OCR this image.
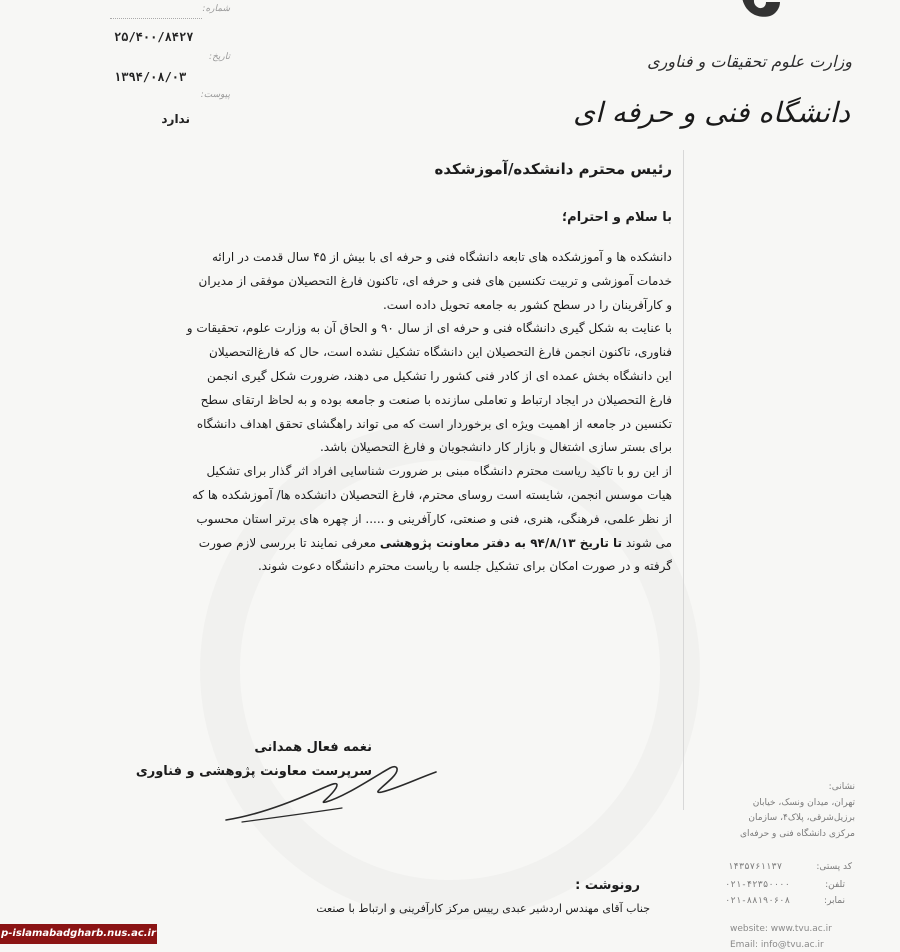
شماره:
۲۵/۴۰۰/۸۴۲۷
تاریخ:
۱۳۹۴/۰۸/۰۳
پیوست:
ندارد
وزارت علوم تحقیقات و فناوری
دانشگاه فنی و حرفه ای
رئیس محترم دانشکده/آموزشکده
با سلام و احترام؛
دانشکده ها و آموزشکده های تابعه دانشگاه فنی و حرفه ای با بیش از ۴۵ سال قدمت در ارائه
خدمات آموزشی و تربیت تکنسین های فنی و حرفه ای، تاکنون فارغ التحصیلان موفقی از مدیران
و کارآفرینان را در سطح کشور به جامعه تحویل داده است.
با عنایت به شکل گیری دانشگاه فنی و حرفه ای از سال ۹۰ و الحاق آن به وزارت علوم، تحقیقات و
فناوری، تاکنون انجمن فارغ التحصیلان این دانشگاه تشکیل نشده است، حال که فارغ‌التحصیلان
این دانشگاه بخش عمده ای از کادر فنی کشور را تشکیل می دهند، ضرورت شکل گیری انجمن
فارغ التحصیلان در ایجاد ارتباط و تعاملی سازنده با صنعت و جامعه بوده و به لحاظ ارتقای سطح
تکنسین در جامعه از اهمیت ویژه ای برخوردار است که می تواند راهگشای تحقق اهداف دانشگاه
برای بستر سازی اشتغال و بازار کار دانشجویان و فارغ التحصیلان باشد.
از این رو با تاکید ریاست محترم دانشگاه مبنی بر ضرورت شناسایی افراد اثر گذار برای تشکیل
هیات موسس انجمن، شایسته است روسای محترم، فارغ التحصیلان دانشکده ها/ آموزشکده ها که
از نظر علمی، فرهنگی، هنری، فنی و صنعتی، کارآفرینی و ..... از چهره های برتر استان محسوب
می شوند تا تاریخ ۹۴/۸/۱۳ به دفتر معاونت پژوهشی معرفی نمایند تا بررسی لازم صورت
گرفته و در صورت امکان برای تشکیل جلسه با ریاست محترم دانشگاه دعوت شوند.
نغمه فعال همدانی
سرپرست معاونت پژوهشی و فناوری
رونوشت :
جناب آقای مهندس اردشیر عبدی رییس مرکز کارآفرینی و ارتباط با صنعت
نشانی:
تهران، میدان ونسک، خیابان
برزیل‌شرقی، پلاک۴، سازمان
مرکزی دانشگاه فنی و حرفه‌ای
کد پستی:
۱۴۳۵۷۶۱۱۳۷
۰۲۱-۴۲۳۵۰۰۰۰	تلفن:
۰۲۱-۸۸۱۹۰۶۰۸	نمابر:
website: www.tvu.ac.ir
Email: info@tvu.ac.ir
p-islamabadgharb.nus.ac.ir
